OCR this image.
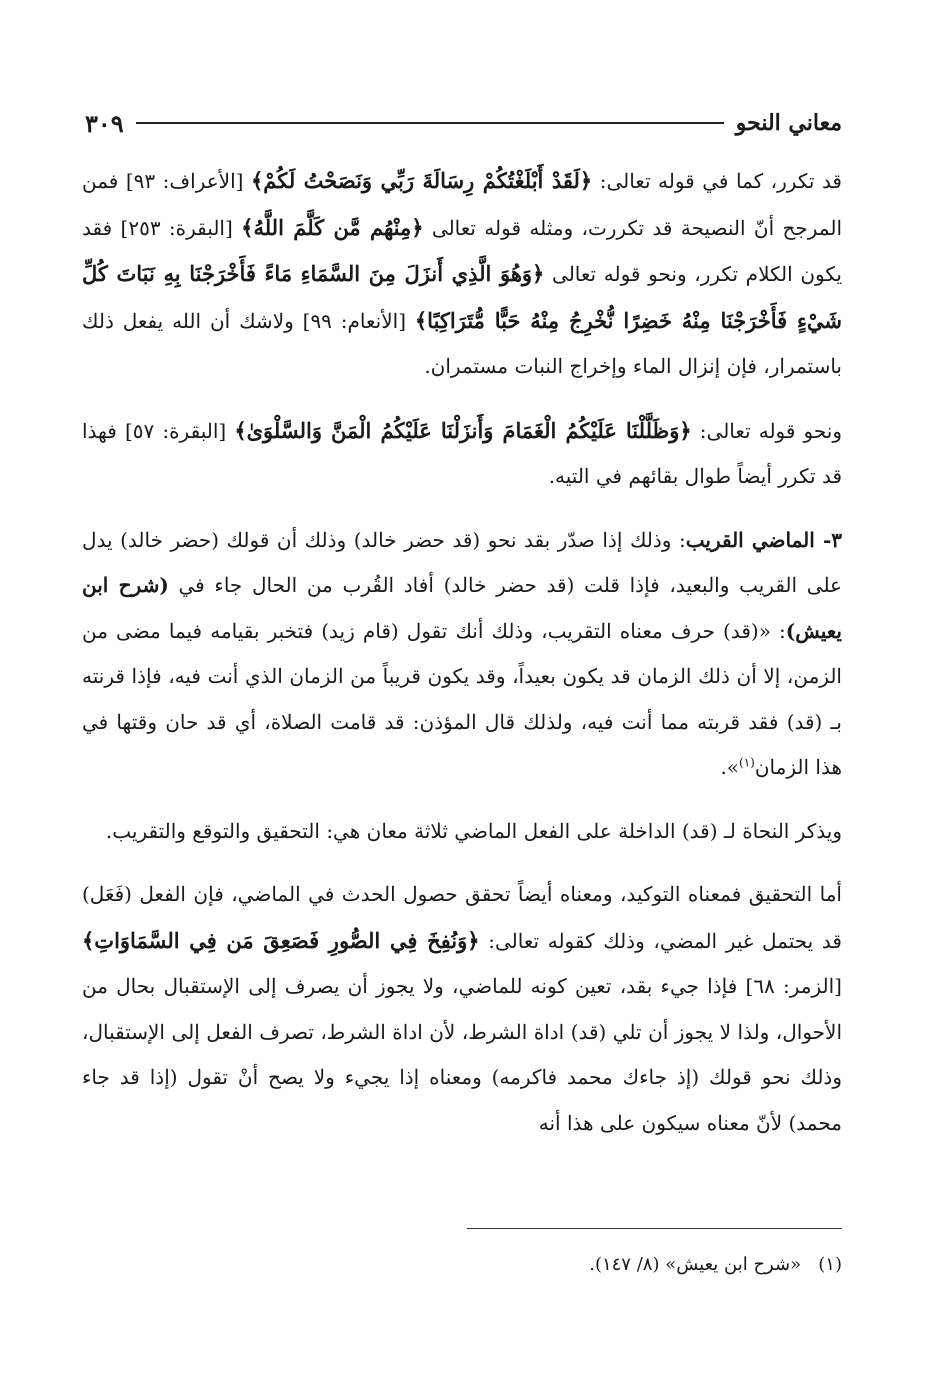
معاني النحو
٣٠٩

قد تكرر، كما في قوله تعالى: ﴿لَقَدْ أَبْلَغْتُكُمْ رِسَالَةَ رَبِّي وَنَصَحْتُ لَكُمْ﴾ [الأعراف: ٩٣] فمن المرجح أنّ النصيحة قد تكررت، ومثله قوله تعالى ﴿مِنْهُم مَّن كَلَّمَ اللَّهُ﴾ [البقرة: ٢٥٣] فقد يكون الكلام تكرر، ونحو قوله تعالى ﴿وَهُوَ الَّذِي أَنزَلَ مِنَ السَّمَاءِ مَاءً فَأَخْرَجْنَا بِهِ نَبَاتَ كُلِّ شَيْءٍ فَأَخْرَجْنَا مِنْهُ خَضِرًا نُّخْرِجُ مِنْهُ حَبًّا مُّتَرَاكِبًا﴾ [الأنعام: ٩٩] ولاشك أن الله يفعل ذلك باستمرار، فإن إنزال الماء وإخراج النبات مستمران.

ونحو قوله تعالى: ﴿وَظَلَّلْنَا عَلَيْكُمُ الْغَمَامَ وَأَنزَلْنَا عَلَيْكُمُ الْمَنَّ وَالسَّلْوَىٰ﴾ [البقرة: ٥٧] فهذا قد تكرر أيضاً طوال بقائهم في التيه.

٣- الماضي القريب: وذلك إذا صدّر بقد نحو (قد حضر خالد) وذلك أن قولك (حضر خالد) يدل على القريب والبعيد، فإذا قلت (قد حضر خالد) أفاد القُرب من الحال جاء في (شرح ابن يعيش): «(قد) حرف معناه التقريب، وذلك أنك تقول (قام زيد) فتخبر بقيامه فيما مضى من الزمن، إلا أن ذلك الزمان قد يكون بعيداً، وقد يكون قريباً من الزمان الذي أنت فيه، فإذا قرنته بـ (قد) فقد قربته مما أنت فيه، ولذلك قال المؤذن: قد قامت الصلاة، أي قد حان وقتها في هذا الزمان$^{(١)}$».

ويذكر النحاة لـ (قد) الداخلة على الفعل الماضي ثلاثة معان هي: التحقيق والتوقع والتقريب.

أما التحقيق فمعناه التوكيد، ومعناه أيضاً تحقق حصول الحدث في الماضي، فإن الفعل (فَعَل) قد يحتمل غير المضي، وذلك كقوله تعالى: ﴿وَنُفِخَ فِي الصُّورِ فَصَعِقَ مَن فِي السَّمَاوَاتِ﴾ [الزمر: ٦٨] فإذا جيء بقد، تعين كونه للماضي، ولا يجوز أن يصرف إلى الإستقبال بحال من الأحوال، ولذا لا يجوز أن تلي (قد) اداة الشرط، لأن اداة الشرط، تصرف الفعل إلى الإستقبال، وذلك نحو قولك (إذ جاءك محمد فاكرمه) ومعناه إذا يجيء ولا يصح أنْ تقول (إذا قد جاء محمد) لأنّ معناه سيكون على هذا أنه

(١)   «شرح ابن يعيش» (٨/ ١٤٧).
